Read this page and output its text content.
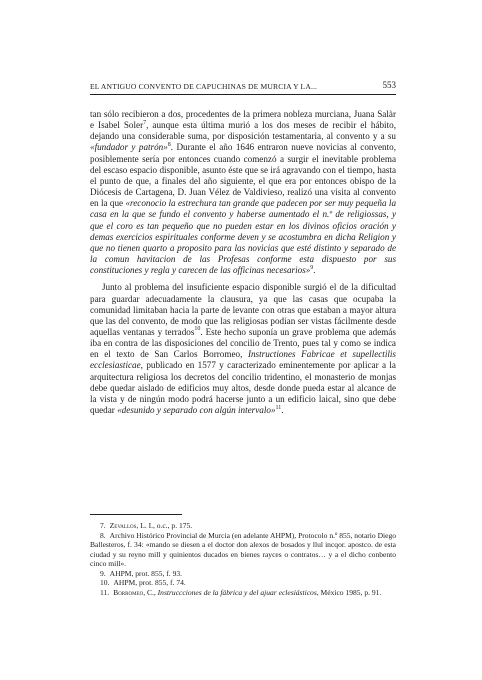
EL ANTIGUO CONVENTO DE CAPUCHINAS DE MURCIA Y LA...	553

tan sólo recibieron a dos, procedentes de la primera nobleza murciana, Juana Salàr e Isabel Soler$^7$, aunque esta última murió a los dos meses de recibir el hábito, dejando una considerable suma, por disposición testamentaria, al convento y a su «fundador y patrón»$^8$. Durante el año 1646 entraron nueve novicias al convento, posiblemente sería por entonces cuando comenzó a surgir el inevitable problema del escaso espacio disponible, asunto éste que se irá agravando con el tiempo, hasta el punto de que, a finales del año siguiente, el que era por entonces obispo de la Diócesis de Cartagena, D. Juan Vélez de Valdivieso, realizó una visita al convento en la que «reconocio la estrechura tan grande que padecen por ser muy pequeña la casa en la que se fundo el convento y haberse aumentado el n.º de religiossas, y que el coro es tan pequeño que no pueden estar en los divinos oficios oración y demas exercicios espirituales conforme deven y se acostumbra en dicha Religion y que no tienen quarto a proposito para las novicias que esté distinto y separado de la comun havitacion de las Profesas conforme esta dispuesto por sus constituciones y regla y carecen de las officinas necesarios»$^9$.

Junto al problema del insuficiente espacio disponible surgió el de la dificultad para guardar adecuadamente la clausura, ya que las casas que ocupaba la comunidad limitaban hacia la parte de levante con otras que estaban a mayor altura que las del convento, de modo que las religiosas podían ser vistas fácilmente desde aquellas ventanas y terrados$^{10}$. Este hecho suponía un grave problema que además iba en contra de las disposiciones del concilio de Trento, pues tal y como se indica en el texto de San Carlos Borromeo, Instructiones Fabricae et supellectilis ecclesiasticae, publicado en 1577 y caracterizado eminentemente por aplicar a la arquitectura religiosa los decretos del concilio tridentino, el monasterio de monjas debe quedar aislado de edificios muy altos, desde donde pueda estar al alcance de la vista y de ningún modo podrá hacerse junto a un edificio laical, sino que debe quedar «desunido y separado con algún intervalo»$^{11}$.

7. Zevallos, L. I., o.c., p. 175.
8. Archivo Histórico Provincial de Murcia (en adelante AHPM), Protocolo n.º 855, notario Diego Ballesteros, f. 34: «mando se diesen a el doctor don alexos de bosados y llul incqor. apostco. de esta ciudad y su reyno mill y quinientos ducados en bienes rayces o contratos… y a el dicho conbento cinco mill».
9. AHPM, prot. 855, f. 93.
10. AHPM, prot. 855, f. 74.
11. Borromeo, C., Instruccciones de la fábrica y del ajuar eclesiásticos, México 1985, p. 91.
